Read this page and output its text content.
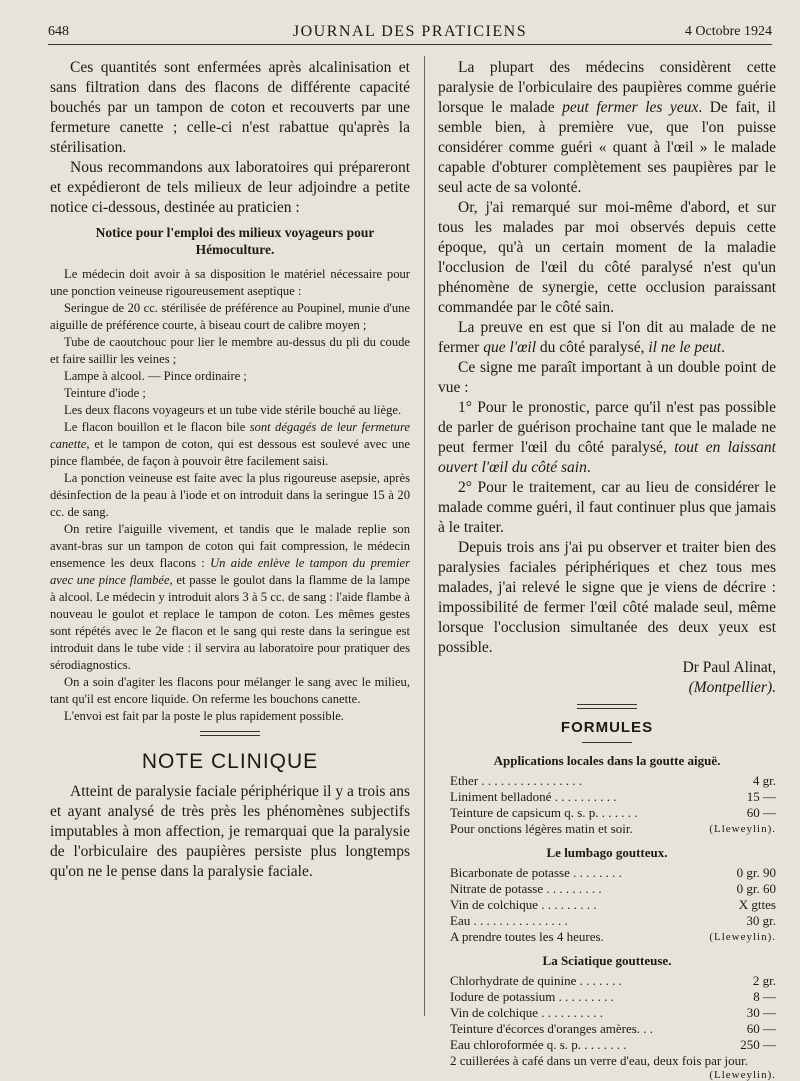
648	JOURNAL DES PRATICIENS	4 Octobre 1924

Ces quantités sont enfermées après alcalinisation et sans filtration dans des flacons de différente capacité bouchés par un tampon de coton et recouverts par une fermeture canette ; celle-ci n'est rabattue qu'après la stérilisation.

Nous recommandons aux laboratoires qui prépareront et expédieront de tels milieux de leur adjoindre a petite notice ci-dessous, destinée au praticien :

Notice pour l'emploi des milieux voyageurs pour Hémoculture.

Le médecin doit avoir à sa disposition le matériel nécessaire pour une ponction veineuse rigoureusement aseptique :

Seringue de 20 cc. stérilisée de préférence au Poupinel, munie d'une aiguille de préférence courte, à biseau court de calibre moyen ;

Tube de caoutchouc pour lier le membre au-dessus du pli du coude et faire saillir les veines ;

Lampe à alcool. — Pince ordinaire ;

Teinture d'iode ;

Les deux flacons voyageurs et un tube vide stérile bouché au liège.

Le flacon bouillon et le flacon bile sont dégagés de leur fermeture canette, et le tampon de coton, qui est dessous est soulevé avec une pince flambée, de façon à pouvoir être facilement saisi.

La ponction veineuse est faite avec la plus rigoureuse asepsie, après désinfection de la peau à l'iode et on introduit dans la seringue 15 à 20 cc. de sang.

On retire l'aiguille vivement, et tandis que le malade replie son avant-bras sur un tampon de coton qui fait compression, le médecin ensemence les deux flacons : Un aide enlève le tampon du premier avec une pince flambée, et passe le goulot dans la flamme de la lampe à alcool. Le médecin y introduit alors 3 à 5 cc. de sang : l'aide flambe à nouveau le goulot et replace le tampon de coton. Les mêmes gestes sont répétés avec le 2e flacon et le sang qui reste dans la seringue est introduit dans le tube vide : il servira au laboratoire pour pratiquer des sérodiagnostics.

On a soin d'agiter les flacons pour mélanger le sang avec le milieu, tant qu'il est encore liquide. On referme les bouchons canette.

L'envoi est fait par la poste le plus rapidement possible.

NOTE CLINIQUE

Atteint de paralysie faciale périphérique il y a trois ans et ayant analysé de très près les phénomènes subjectifs imputables à mon affection, je remarquai que la paralysie de l'orbiculaire des paupières persiste plus longtemps qu'on ne le pense dans la paralysie faciale.

La plupart des médecins considèrent cette paralysie de l'orbiculaire des paupières comme guérie lorsque le malade peut fermer les yeux. De fait, il semble bien, à première vue, que l'on puisse considérer comme guéri « quant à l'œil » le malade capable d'obturer complètement ses paupières par le seul acte de sa volonté.

Or, j'ai remarqué sur moi-même d'abord, et sur tous les malades par moi observés depuis cette époque, qu'à un certain moment de la maladie l'occlusion de l'œil du côté paralysé n'est qu'un phénomène de synergie, cette occlusion paraissant commandée par le côté sain.

La preuve en est que si l'on dit au malade de ne fermer que l'œil du côté paralysé, il ne le peut.

Ce signe me paraît important à un double point de vue :

1° Pour le pronostic, parce qu'il n'est pas possible de parler de guérison prochaine tant que le malade ne peut fermer l'œil du côté paralysé, tout en laissant ouvert l'œil du côté sain.

2° Pour le traitement, car au lieu de considérer le malade comme guéri, il faut continuer plus que jamais à le traiter.

Depuis trois ans j'ai pu observer et traiter bien des paralysies faciales périphériques et chez tous mes malades, j'ai relevé le signe que je viens de décrire : impossibilité de fermer l'œil côté malade seul, même lorsque l'occlusion simultanée des deux yeux est possible.

Dr Paul Alinat,
(Montpellier).
FORMULES
Applications locales dans la goutte aiguë.
Ether . . . . . . . . . . . . . . . .	4 gr.
Liniment belladoné . . . . . . . . . .	15 —
Teinture de capsicum q. s. p. . . . . . .	60 —
Pour onctions légères matin et soir.	(Lleweylin).
Le lumbago goutteux.
Bicarbonate de potasse . . . . . . . .	0 gr. 90
Nitrate de potasse . . . . . . . . .	0 gr. 60
Vin de colchique . . . . . . . . .	X gttes
Eau . . . . . . . . . . . . . . .	30 gr.
A prendre toutes les 4 heures.	(Lleweylin).
La Sciatique goutteuse.
Chlorhydrate de quinine . . . . . . .	2 gr.
Iodure de potassium . . . . . . . . .	8 —
Vin de colchique . . . . . . . . . .	30 —
Teinture d'écorces d'oranges amères. . .	60 —
Eau chloroformée q. s. p. . . . . . . .	250 —
2 cuillerées à café dans un verre d'eau, deux fois par jour.
(Lleweylin).
